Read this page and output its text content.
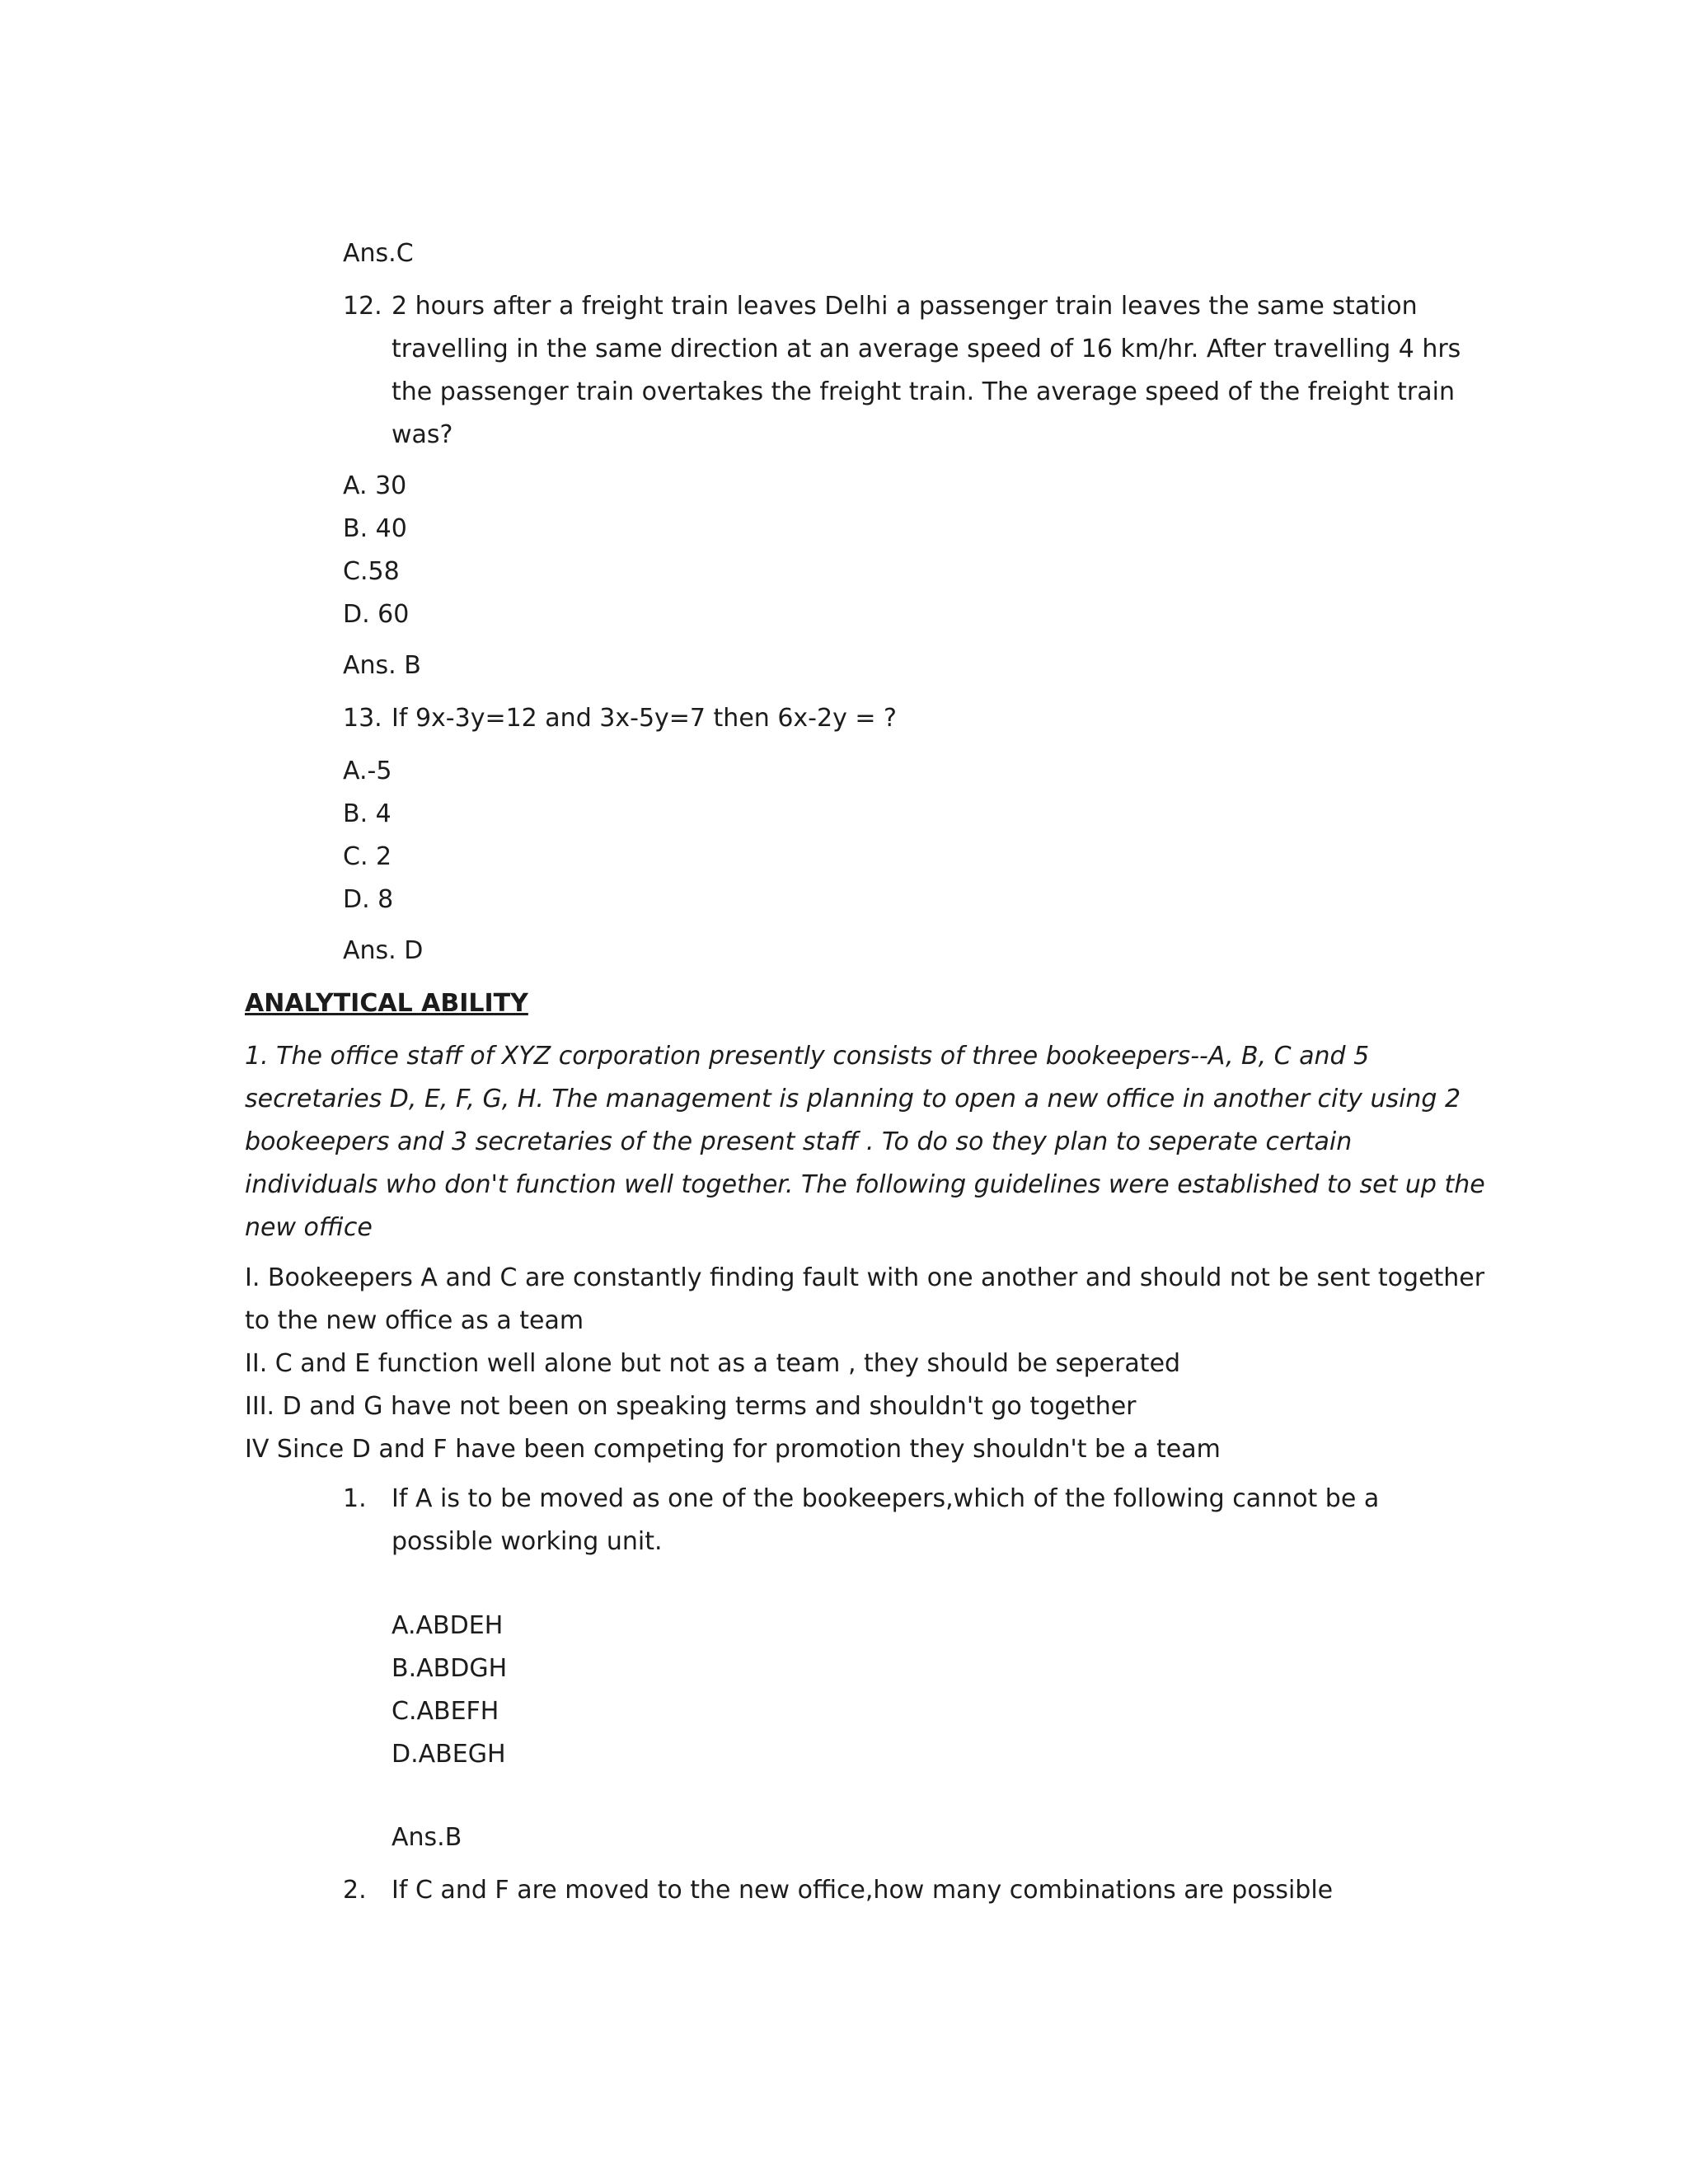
Ans.C
12. 2 hours after a freight train leaves Delhi a passenger train leaves the same station
travelling in the same direction at an average speed of 16 km/hr. After travelling 4 hrs
the passenger train overtakes the freight train. The average speed of the freight train
was?
A. 30
B. 40
C.58
D. 60
Ans. B
13. If 9x-3y=12 and 3x-5y=7 then 6x-2y = ?
A.-5
B. 4
C. 2
D. 8
Ans. D
ANALYTICAL ABILITY
1. The office staff of XYZ corporation presently consists of three bookeepers--A, B, C and 5
secretaries D, E, F, G, H. The management is planning to open a new office in another city using 2
bookeepers and 3 secretaries of the present staff . To do so they plan to seperate certain
individuals who don't function well together. The following guidelines were established to set up the
new office
I. Bookeepers A and C are constantly finding fault with one another and should not be sent together
to the new office as a team
II. C and E function well alone but not as a team , they should be seperated
III. D and G have not been on speaking terms and shouldn't go together
IV Since D and F have been competing for promotion they shouldn't be a team
1. If A is to be moved as one of the bookeepers,which of the following cannot be a
possible working unit.
A.ABDEH
B.ABDGH
C.ABEFH
D.ABEGH
Ans.B
2. If C and F are moved to the new office,how many combinations are possible
